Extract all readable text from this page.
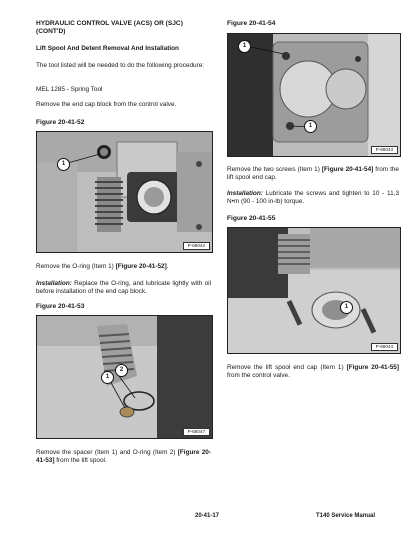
HYDRAULIC CONTROL VALVE (ACS) OR (SJC)
(CONT'D)

Lift Spool And Detent Removal And Installation

The tool listed will be needed to do the following procedure:

MEL 1285 - Spring Tool

Remove the end cap block from the control valve.

Figure 20-41-52

1
P-68042

Remove the O-ring (Item 1) [Figure 20-41-52].

Installation: Replace the O-ring, and lubricate lightly with oil before installation of the end cap block.

Figure 20-41-53

2
1
P-68047

Remove the spacer (Item 1) and O-ring (Item 2) [Figure 20-41-53] from the lift spool.

Figure 20-41-54

1
1
P-68043

Remove the two screws (Item 1) [Figure 20-41-54] from the lift spool end cap.

Installation: Lubricate the screws and tighten to 10 - 11,3 N•m (90 - 100 in-lb) torque.

Figure 20-41-55

1
P-68044

Remove the lift spool end cap (Item 1) [Figure 20-41-55] from the control valve.

20-41-17	T140 Service Manual
